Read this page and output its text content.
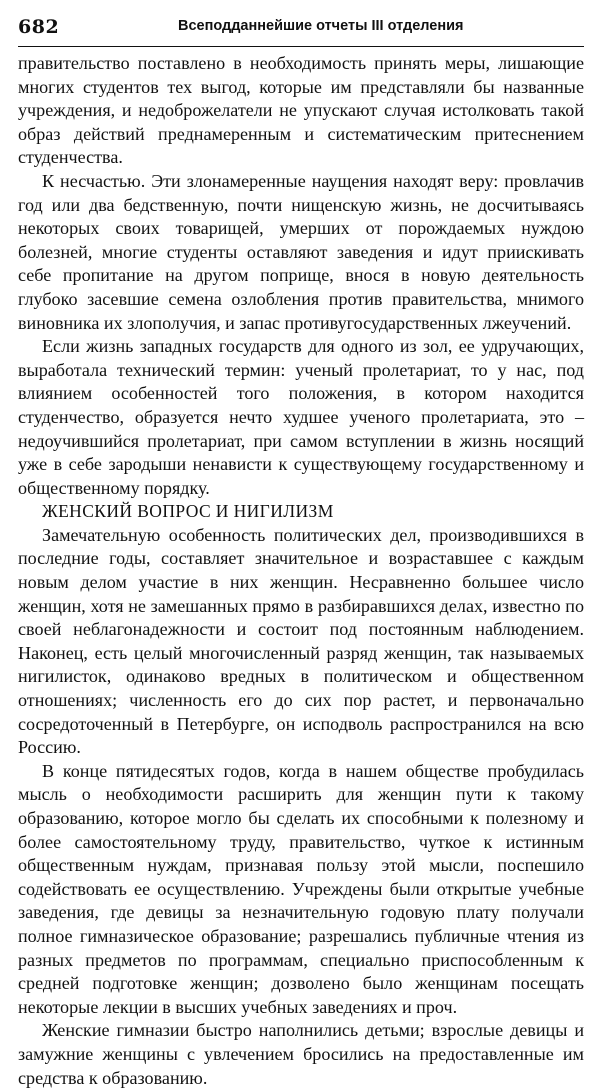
682	Всеподданнейшие отчеты III отделения

правительство поставлено в необходимость принять меры, лишающие многих студентов тех выгод, которые им представляли бы названные учреждения, и недоброжелатели не упускают случая истолковать такой образ действий преднамеренным и систематическим притеснением студенчества.

К несчастью. Эти злонамеренные наущения находят веру: провлачив год или два бедственную, почти нищенскую жизнь, не досчитываясь некоторых своих товарищей, умерших от порождаемых нуждою болезней, многие студенты оставляют заведения и идут приискивать себе пропитание на другом поприще, внося в новую деятельность глубоко засевшие семена озлобления против правительства, мнимого виновника их злополучия, и запас противугосударственных лжеучений.

Если жизнь западных государств для одного из зол, ее удручающих, выработала технический термин: ученый пролетариат, то у нас, под влиянием особенностей того положения, в котором находится студенчество, образуется нечто худшее ученого пролетариата, это – недоучившийся пролетариат, при самом вступлении в жизнь носящий уже в себе зародыши ненависти к существующему государственному и общественному порядку.

ЖЕНСКИЙ ВОПРОС И НИГИЛИЗМ

Замечательную особенность политических дел, производившихся в последние годы, составляет значительное и возраставшее с каждым новым делом участие в них женщин. Несравненно большее число женщин, хотя не замешанных прямо в разбиравшихся делах, известно по своей неблагонадежности и состоит под постоянным наблюдением. Наконец, есть целый многочисленный разряд женщин, так называемых нигилисток, одинаково вредных в политическом и общественном отношениях; численность его до сих пор растет, и первоначально сосредоточенный в Петербурге, он исподволь распространился на всю Россию.

В конце пятидесятых годов, когда в нашем обществе пробудилась мысль о необходимости расширить для женщин пути к такому образованию, которое могло бы сделать их способными к полезному и более самостоятельному труду, правительство, чуткое к истинным общественным нуждам, признавая пользу этой мысли, поспешило содействовать ее осуществлению. Учреждены были открытые учебные заведения, где девицы за незначительную годовую плату получали полное гимназическое образование; разрешались публичные чтения из разных предметов по программам, специально приспособленным к средней подготовке женщин; дозволено было женщинам посещать некоторые лекции в высших учебных заведениях и проч.

Женские гимназии быстро наполнились детьми; взрослые девицы и замужние женщины с увлечением бросились на предоставленные им средства к образованию.
